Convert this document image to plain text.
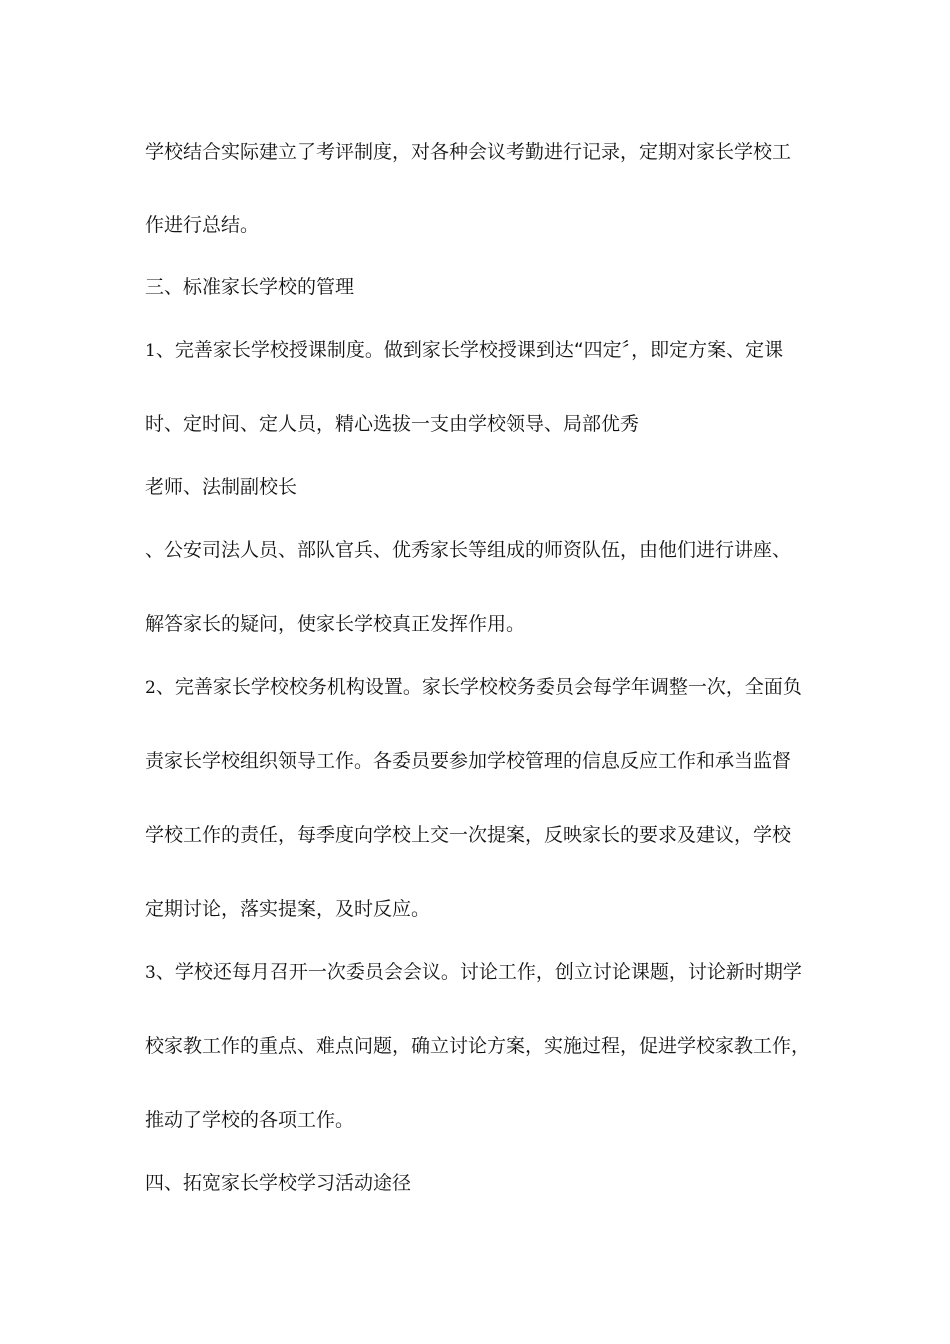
学校结合实际建立了考评制度，对各种会议考勤进行记录，定期对家长学校工
作进行总结。
三、标准家长学校的管理
1、完善家长学校授课制度。做到家长学校授课到达“四定〞，即定方案、定课
时、定时间、定人员，精心选拔一支由学校领导、局部优秀
老师、法制副校长
、公安司法人员、部队官兵、优秀家长等组成的师资队伍，由他们进行讲座、
解答家长的疑问，使家长学校真正发挥作用。
2、完善家长学校校务机构设置。家长学校校务委员会每学年调整一次，全面负
责家长学校组织领导工作。各委员要参加学校管理的信息反应工作和承当监督
学校工作的责任，每季度向学校上交一次提案，反映家长的要求及建议，学校
定期讨论，落实提案，及时反应。
3、学校还每月召开一次委员会会议。讨论工作，创立讨论课题，讨论新时期学
校家教工作的重点、难点问题，确立讨论方案，实施过程，促进学校家教工作，
推动了学校的各项工作。
四、拓宽家长学校学习活动途径
